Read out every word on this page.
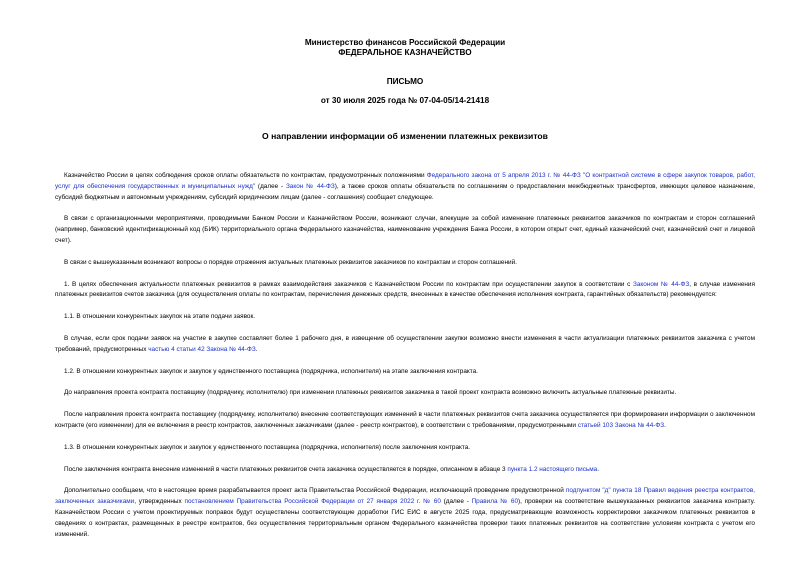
Министерство финансов Российской Федерации
ФЕДЕРАЛЬНОЕ КАЗНАЧЕЙСТВО
ПИСЬМО
от 30 июля 2025 года № 07-04-05/14-21418
О направлении информации об изменении платежных реквизитов

Казначейство России в целях соблюдения сроков оплаты обязательств по контрактам, предусмотренных положениями Федерального закона от 5 апреля 2013 г. № 44-ФЗ "О контрактной системе в сфере закупок товаров, работ, услуг для обеспечения государственных и муниципальных нужд" (далее - Закон № 44-ФЗ), а также сроков оплаты обязательств по соглашениям о предоставлении межбюджетных трансфертов, имеющих целевое назначение, субсидий бюджетным и автономным учреждениям, субсидий юридическим лицам (далее - соглашения) сообщает следующее.

В связи с организационными мероприятиями, проводимыми Банком России и Казначейством России, возникают случаи, влекущие за собой изменение платежных реквизитов заказчиков по контрактам и сторон соглашений (например, банковский идентификационный код (БИК) территориального органа Федерального казначейства, наименование учреждения Банка России, в котором открыт счет, единый казначейский счет, казначейский счет и лицевой счет).

В связи с вышеуказанным возникают вопросы о порядке отражения актуальных платежных реквизитов заказчиков по контрактам и сторон соглашений.

1. В целях обеспечения актуальности платежных реквизитов в рамках взаимодействия заказчиков с Казначейством России по контрактам при осуществлении закупок в соответствии с Законом № 44-ФЗ, в случае изменения платежных реквизитов счетов заказчика (для осуществления оплаты по контрактам, перечисления денежных средств, внесенных в качестве обеспечения исполнения контракта, гарантийных обязательств) рекомендуется:

1.1. В отношении конкурентных закупок на этапе подачи заявок.

В случае, если срок подачи заявок на участие в закупке составляет более 1 рабочего дня, в извещение об осуществлении закупки возможно внести изменения в части актуализации платежных реквизитов заказчика с учетом требований, предусмотренных частью 4 статьи 42 Закона № 44-ФЗ.

1.2. В отношении конкурентных закупок и закупок у единственного поставщика (подрядчика, исполнителя) на этапе заключения контракта.

До направления проекта контракта поставщику (подрядчику, исполнителю) при изменении платежных реквизитов заказчика в такой проект контракта возможно включить актуальные платежные реквизиты.

После направления проекта контракта поставщику (подрядчику, исполнителю) внесение соответствующих изменений в части платежных реквизитов счета заказчика осуществляется при формировании информации о заключенном контракте (его изменении) для ее включения в реестр контрактов, заключенных заказчиками (далее - реестр контрактов), в соответствии с требованиями, предусмотренными статьей 103 Закона № 44-ФЗ.

1.3. В отношении конкурентных закупок и закупок у единственного поставщика (подрядчика, исполнителя) после заключения контракта.

После заключения контракта внесение изменений в части платежных реквизитов счета заказчика осуществляется в порядке, описанном в абзаце 3 пункта 1.2 настоящего письма.

Дополнительно сообщаем, что в настоящее время разрабатывается проект акта Правительства Российской Федерации, исключающий проведение предусмотренной подпунктом "д" пункта 18 Правил ведения реестра контрактов, заключенных заказчиками, утвержденных постановлением Правительства Российской Федерации от 27 января 2022 г. № 60 (далее - Правила № 60), проверки на соответствие вышеуказанных реквизитов заказчика контракту. Казначейством России с учетом проектируемых поправок будут осуществлены соответствующие доработки ГИС ЕИС в августе 2025 года, предусматривающие возможность корректировки заказчиком платежных реквизитов в сведениях о контрактах, размещенных в реестре контрактов, без осуществления территориальным органом Федерального казначейства проверки таких платежных реквизитов на соответствие условиям контракта с учетом его изменений.
